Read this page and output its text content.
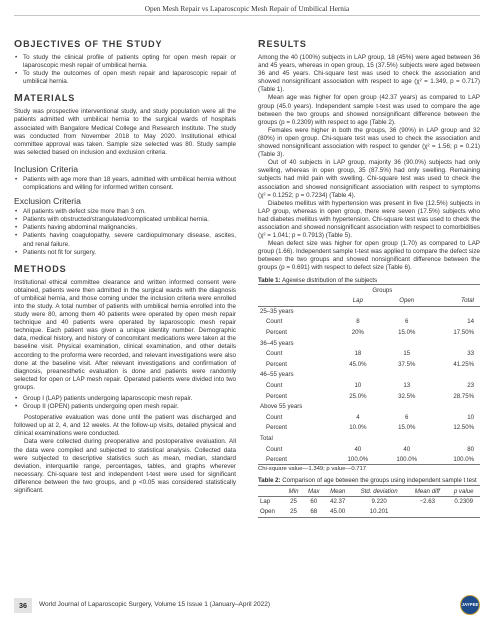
Open Mesh Repair vs Laparoscopic Mesh Repair of Umbilical Hernia
OBJECTIVES OF THE STUDY
• To study the clinical profile of patients opting for open mesh repair or laparoscopic mesh repair of umbilical hernia.
• To study the outcomes of open mesh repair and laparoscopic repair of umbilical hernia.
MATERIALS

Study was prospective interventional study, and study population were all the patients admitted with umbilical hernia to the surgical wards of hospitals associated with Bangalore Medical College and Research Institute. The study was conducted from November 2018 to May 2020. Institutional ethical committee approval was taken. Sample size selected was 80. Study sample was selected based on inclusion and exclusion criteria.

Inclusion Criteria
• Patients with age more than 18 years, admitted with umbilical hernia without complications and willing for informed written consent.
Exclusion Criteria
• All patients with defect size more than 3 cm.
• Patients with obstructed/strangulated/complicated umbilical hernia.
• Patients having abdominal malignancies.
• Patients having coagulopathy, severe cardiopulmonary disease, ascites, and renal failure.
• Patients not fit for surgery.
METHODS

Institutional ethical committee clearance and written informed consent were obtained, patients were then admitted in the surgical wards with the diagnosis of umbilical hernia, and those coming under the inclusion criteria were enrolled into the study. A total number of patients with umbilical hernia enrolled into the study were 80, among them 40 patients were operated by open mesh repair technique and 40 patients were operated by laparoscopic mesh repair technique. Each patient was given a unique identity number. Demographic data, medical history, and history of concomitant medications were taken at the baseline visit. Physical examination, clinical examination, and other details according to the proforma were recorded, and relevant investigations were also done at the baseline visit. After relevant investigations and confirmation of diagnosis, preanesthetic evaluation is done and patients were randomly selected for open or LAP mesh repair. Operated patients were divided into two groups.

• Group I (LAP) patients undergoing laparoscopic mesh repair.
• Group II (OPEN) patients undergoing open mesh repair.

Postoperative evaluation was done until the patient was discharged and followed up at 2, 4, and 12 weeks. At the follow-up visits, detailed physical and clinical examinations were conducted.

Data were collected during preoperative and postoperative evaluation. All the data were compiled and subjected to statistical analysis. Collected data were subjected to descriptive statistics such as mean, median, standard deviation, interquartile range, percentages, tables, and graphs wherever necessary. Chi-square test and independent t-test were used for significant difference between the two groups, and p <0.05 was considered statistically significant.

RESULTS

Among the 40 (100%) subjects in LAP group, 18 (45%) were aged between 36 and 45 years, whereas in open group, 15 (37.5%) subjects were aged between 36 and 45 years. Chi-square test was used to check the association and showed nonsignificant association with respect to age (χ² = 1.349, p = 0.717) (Table 1).

Mean age was higher for open group (42.37 years) as compared to LAP group (45.0 years). Independent sample t-test was used to compare the age between the two groups and showed nonsignificant difference between the groups (p = 0.2309) with respect to age (Table 2).

Females were higher in both the groups, 36 (90%) in LAP group and 32 (80%) in open group. Chi-square test was used to check the association and showed nonsignificant association with respect to gender (χ² = 1.56; p = 0.21) (Table 3).

Out of 40 subjects in LAP group, majority 36 (90.0%) subjects had only swelling, whereas in open group, 35 (87.5%) had only swelling. Remaining subjects had mild pain with swelling. Chi-square test was used to check the association and showed nonsignificant association with respect to symptoms (χ² = 0.1252; p = 0.7234) (Table 4).

Diabetes mellitus with hypertension was present in five (12.5%) subjects in LAP group, whereas in open group, there were seven (17.5%) subjects who had diabetes mellitus with hypertension. Chi-square test was used to check the association and showed nonsignificant association with respect to comorbidities (χ² = 1.041; p = 0.7913) (Table 5).

Mean defect size was higher for open group (1.70) as compared to LAP group (1.66). Independent sample t-test was applied to compare the defect size between the two groups and showed nonsignificant difference between the groups (p = 0.691) with respect to defect size (Table 6).

Table 1: Agewise distribution of the subjects
	Groups		
	Lap	Open	Total
25–35 years			
Count	8	6	14
Percent	20%	15.0%	17.50%
36–45 years			
Count	18	15	33
Percent	45.0%	37.5%	41.25%
46–55 years			
Count	10	13	23
Percent	25.0%	32.5%	28.75%
Above 55 years			
Count	4	6	10
Percent	10.0%	15.0%	12.50%
Total			
Count	40	40	80
Percent	100.0%	100.0%	100.0%
Chi-square value—1.349; p value—0.717
Table 2: Comparison of age between the groups using independent sample t test
	Min	Max	Mean	Std. deviation	Mean diff	p value
Lap	25	60	42.37	9.220	−2.63	0.2309
Open	25	68	45.00	10.201		
36	World Journal of Laparoscopic Surgery, Volume 15 Issue 1 (January–April 2022)	JAYPEE
